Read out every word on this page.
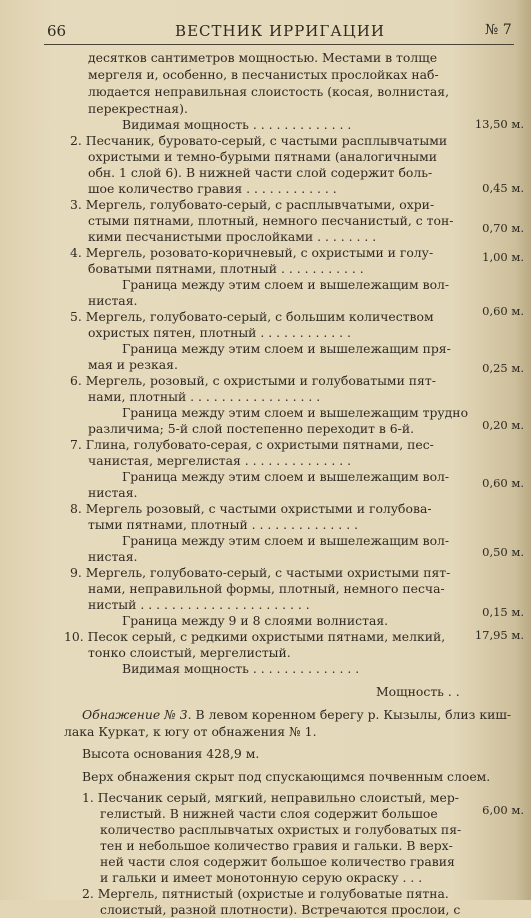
66	ВЕСТНИК ИРРИГАЦИИ	№ 7
десятков сантиметров мощностью. Местами в толще
мергеля и, особенно, в песчанистых прослойках наб-
людается неправильная слоистость (косая, волнистая,
перекрестная).
Видимая мощность . . . . . . . . . . . . .
2. Песчаник, буровато-серый, с частыми расплывчатыми
охристыми и темно-бурыми пятнами (аналогичными
обн. 1 слой 6). В нижней части слой содержит боль-
шое количество гравия . . . . . . . . . . . .
3. Мергель, голубовато-серый, с расплывчатыми, охри-
стыми пятнами, плотный, немного песчанистый, с тон-
кими песчанистыми прослойками . . . . . . . .
4. Мергель, розовато-коричневый, с охристыми и голу-
боватыми пятнами, плотный . . . . . . . . . . .
Граница между этим слоем и вышележащим вол-
нистая.
5. Мергель, голубовато-серый, с большим количеством
охристых пятен, плотный . . . . . . . . . . . .
Граница между этим слоем и вышележащим пря-
мая и резкая.
6. Мергель, розовый, с охристыми и голубоватыми пят-
нами, плотный . . . . . . . . . . . . . . . . .
Граница между этим слоем и вышележащим трудно
различима; 5-й слой постепенно переходит в 6-й.
7. Глина, голубовато-серая, с охристыми пятнами, пес-
чанистая, мергелистая . . . . . . . . . . . . . .
Граница между этим слоем и вышележащим вол-
нистая.
8. Мергель розовый, с частыми охристыми и голубова-
тыми пятнами, плотный . . . . . . . . . . . . . .
Граница между этим слоем и вышележащим вол-
нистая.
9. Мергель, голубовато-серый, с частыми охристыми пят-
нами, неправильной формы, плотный, немного песча-
нистый . . . . . . . . . . . . . . . . . . . . . .
Граница между 9 и 8 слоями волнистая.
10. Песок серый, с редкими охристыми пятнами, мелкий,
тонко слоистый, мергелистый.
Видимая мощность . . . . . . . . . . . . . .
Мощность . .
Обнажение № 3. В левом коренном берегу р. Кызылы, близ киш-
лака Куркат, к югу от обнажения № 1.
Высота основания 428,9 м.
Верх обнажения скрыт под спускающимся почвенным слоем.
1. Песчаник серый, мягкий, неправильно слоистый, мер-
гелистый. В нижней части слоя содержит большое
количество расплывчатых охристых и голубоватых пя-
тен и небольшое количество гравия и гальки. В верх-
ней части слоя содержит большое количество гравия
и гальки и имеет монотонную серую окраску . . .
2. Мергель, пятнистый (охристые и голубоватые пятна.
слоистый, разной плотности). Встречаются прослои, с
13,50 м.
0,45 м.
0,70 м.
1,00 м.
0,60 м.
0,25 м.
0,20 м.
0,60 м.
0,50 м.
0,15 м.
17,95 м.
6,00 м.
